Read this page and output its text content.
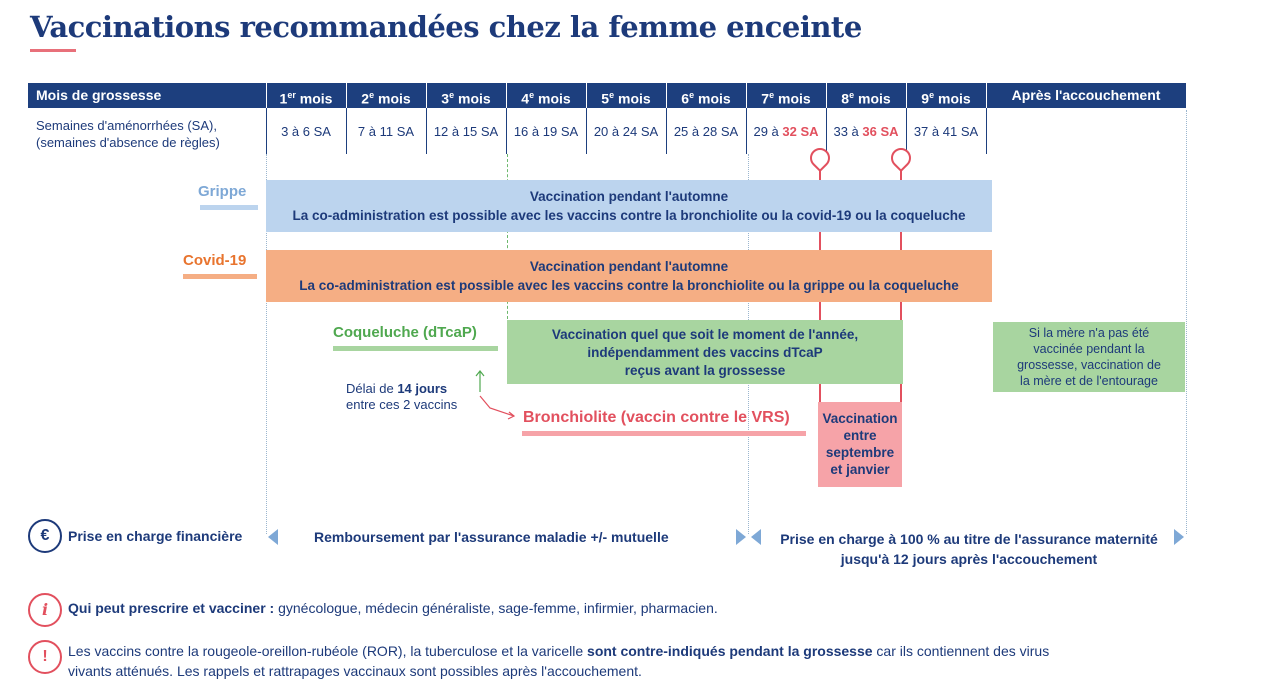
Vaccinations recommandées chez la femme enceinte
Mois de grossesse	1er mois	2e mois	3e mois	4e mois	5e mois	6e mois	7e mois	8e mois	9e mois	Après l'accouchement
Semaines d'aménorrhées (SA),
(semaines d'absence de règles)
3 à 6 SA	7 à 11 SA	12 à 15 SA	16 à 19 SA	20 à 24 SA	25 à 28 SA	29 à 32 SA	33 à 36 SA	37 à 41 SA
Grippe	Vaccination pendant l'automne
La co-administration est possible avec les vaccins contre la bronchiolite ou la covid-19 ou la coqueluche
Covid-19	Vaccination pendant l'automne
La co-administration est possible avec les vaccins contre la bronchiolite ou la grippe ou la coqueluche
Coqueluche (dTcaP)	Vaccination quel que soit le moment de l'année,
indépendamment des vaccins dTcaP
reçus avant la grossesse
Si la mère n'a pas été
vaccinée pendant la
grossesse, vaccination de
la mère et de l'entourage
Délai de 14 jours
entre ces 2 vaccins
Bronchiolite (vaccin contre le VRS)	Vaccination
entre
septembre
et janvier
€	Prise en charge financière	Remboursement par l'assurance maladie +/- mutuelle	Prise en charge à 100 % au titre de l'assurance maternité
jusqu'à 12 jours après l'accouchement
i	Qui peut prescrire et vacciner : gynécologue, médecin généraliste, sage-femme, infirmier, pharmacien.
!	Les vaccins contre la rougeole-oreillon-rubéole (ROR), la tuberculose et la varicelle sont contre-indiqués pendant la grossesse car ils contiennent des virus
vivants atténués. Les rappels et rattrapages vaccinaux sont possibles après l'accouchement.
